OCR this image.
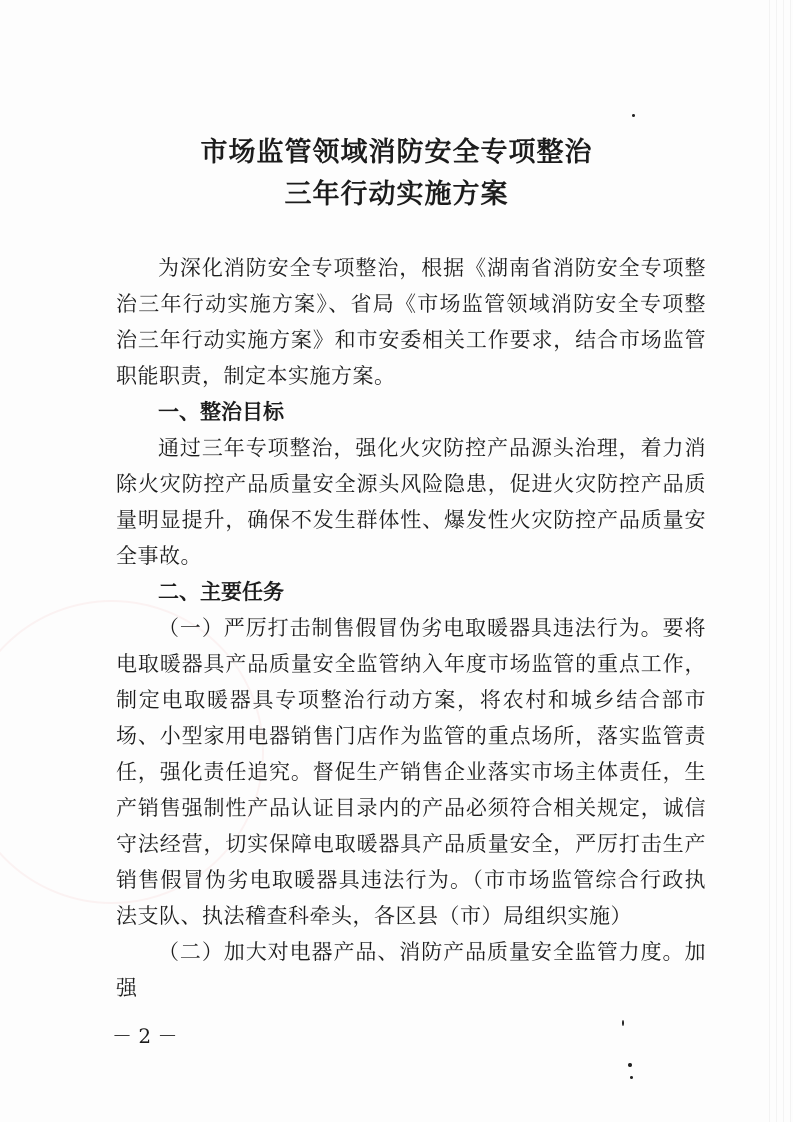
市场监管领域消防安全专项整治
三年行动实施方案

为深化消防安全专项整治，根据《湖南省消防安全专项整治三年行动实施方案》、省局《市场监管领域消防安全专项整治三年行动实施方案》和市安委相关工作要求，结合市场监管职能职责，制定本实施方案。

一、整治目标

通过三年专项整治，强化火灾防控产品源头治理，着力消除火灾防控产品质量安全源头风险隐患，促进火灾防控产品质量明显提升，确保不发生群体性、爆发性火灾防控产品质量安全事故。

二、主要任务

（一）严厉打击制售假冒伪劣电取暖器具违法行为。要将电取暖器具产品质量安全监管纳入年度市场监管的重点工作，制定电取暖器具专项整治行动方案，将农村和城乡结合部市场、小型家用电器销售门店作为监管的重点场所，落实监管责任，强化责任追究。督促生产销售企业落实市场主体责任，生产销售强制性产品认证目录内的产品必须符合相关规定，诚信守法经营，切实保障电取暖器具产品质量安全，严厉打击生产销售假冒伪劣电取暖器具违法行为。（市市场监管综合行政执法支队、执法稽查科牵头，各区县（市）局组织实施）

（二）加大对电器产品、消防产品质量安全监管力度。加强

－ 2 －
